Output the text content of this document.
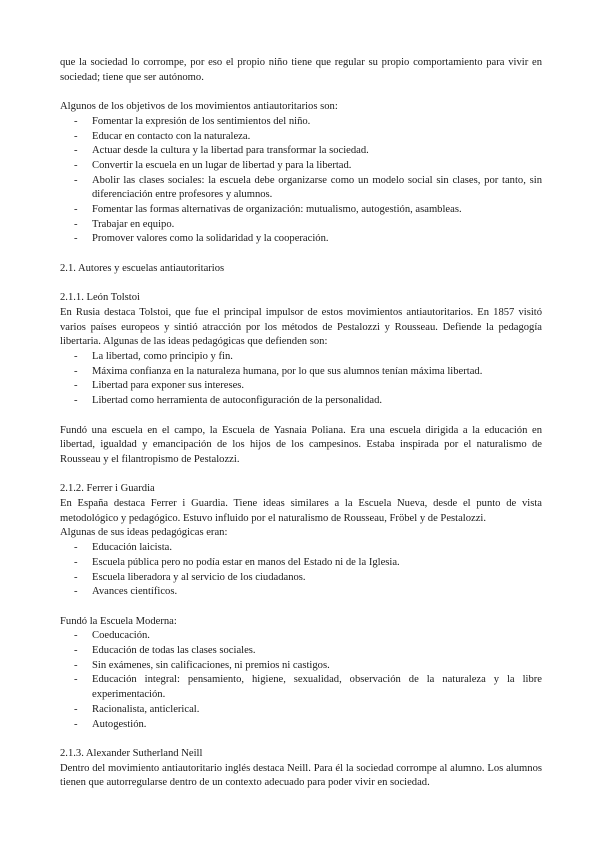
que la sociedad lo corrompe, por eso el propio niño tiene que regular su propio comportamiento para vivir en sociedad; tiene que ser autónomo.

Algunos de los objetivos de los movimientos antiautoritarios son:

- Fomentar la expresión de los sentimientos del niño.
- Educar en contacto con la naturaleza.
- Actuar desde la cultura y la libertad para transformar la sociedad.
- Convertir la escuela en un lugar de libertad y para la libertad.
- Abolir las clases sociales: la escuela debe organizarse como un modelo social sin clases, por tanto, sin diferenciación entre profesores y alumnos.
- Fomentar las formas alternativas de organización: mutualismo, autogestión, asambleas.
- Trabajar en equipo.
- Promover valores como la solidaridad y la cooperación.

2.1. Autores y escuelas antiautoritarios

2.1.1. León Tolstoi

En Rusia destaca Tolstoi, que fue el principal impulsor de estos movimientos antiautoritarios. En 1857 visitó varios países europeos y sintió atracción por los métodos de Pestalozzi y Rousseau. Defiende la pedagogía libertaria. Algunas de las ideas pedagógicas que defienden son:

- La libertad, como principio y fin.
- Máxima confianza en la naturaleza humana, por lo que sus alumnos tenían máxima libertad.
- Libertad para exponer sus intereses.
- Libertad como herramienta de autoconfiguración de la personalidad.

Fundó una escuela en el campo, la Escuela de Yasnaia Poliana. Era una escuela dirigida a la educación en libertad, igualdad y emancipación de los hijos de los campesinos. Estaba inspirada por el naturalismo de Rousseau y el filantropismo de Pestalozzi.

2.1.2. Ferrer i Guardia

En España destaca Ferrer i Guardia. Tiene ideas similares a la Escuela Nueva, desde el punto de vista metodológico y pedagógico. Estuvo influido por el naturalismo de Rousseau, Fröbel y de Pestalozzi.

Algunas de sus ideas pedagógicas eran:

- Educación laicista.
- Escuela pública pero no podía estar en manos del Estado ni de la Iglesia.
- Escuela liberadora y al servicio de los ciudadanos.
- Avances científicos.

Fundó la Escuela Moderna:

- Coeducación.
- Educación de todas las clases sociales.
- Sin exámenes, sin calificaciones, ni premios ni castigos.
- Educación integral: pensamiento, higiene, sexualidad, observación de la naturaleza y la libre experimentación.
- Racionalista, anticlerical.
- Autogestión.

2.1.3. Alexander Sutherland Neill

Dentro del movimiento antiautoritario inglés destaca Neill. Para él la sociedad corrompe al alumno. Los alumnos tienen que autorregularse dentro de un contexto adecuado para poder vivir en sociedad.
